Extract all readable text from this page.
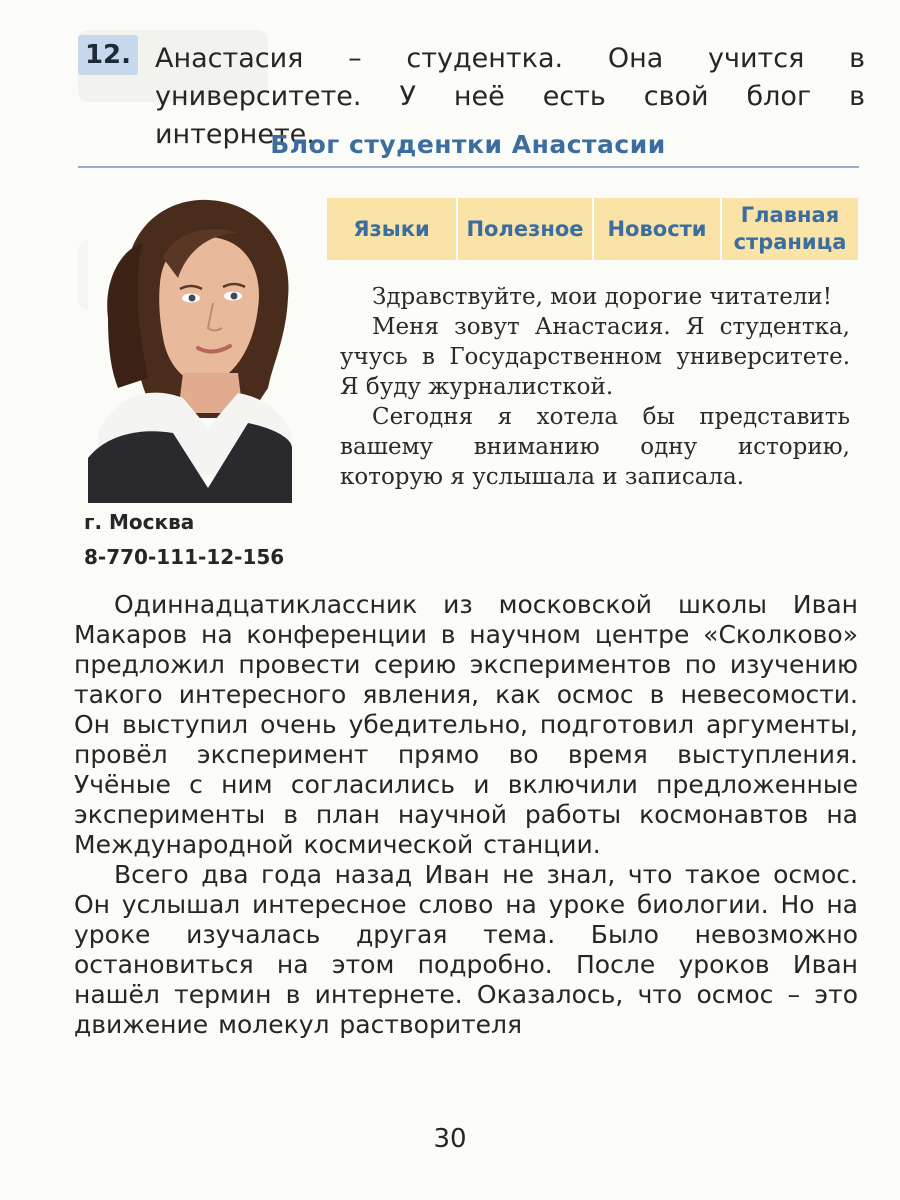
12. Анастасия – студентка. Она учится в университете. У неё есть свой блог в интернете.
Блог студентки Анастасии
г. Москва
8-770-111-12-156
Языки	Полезное	Новости
Главная страница

Здравствуйте, мои дорогие читатели!

Меня зовут Анастасия. Я студентка, учусь в Государственном университете. Я буду журналисткой.

Сегодня я хотела бы представить вашему вниманию одну историю, которую я услышала и записала.

Одиннадцатиклассник из московской школы Иван Макаров на конференции в научном центре «Сколково» предложил провести серию экспериментов по изучению такого интересного явления, как осмос в невесомости. Он выступил очень убедительно, подготовил аргументы, провёл эксперимент прямо во время выступления. Учёные с ним согласились и включили предложенные эксперименты в план научной работы космонавтов на Международной космической станции.

Всего два года назад Иван не знал, что такое осмос. Он услышал интересное слово на уроке биологии. Но на уроке изучалась другая тема. Было невозможно остановиться на этом подробно. После уроков Иван нашёл термин в интернете. Оказалось, что осмос – это движение молекул растворителя

30
